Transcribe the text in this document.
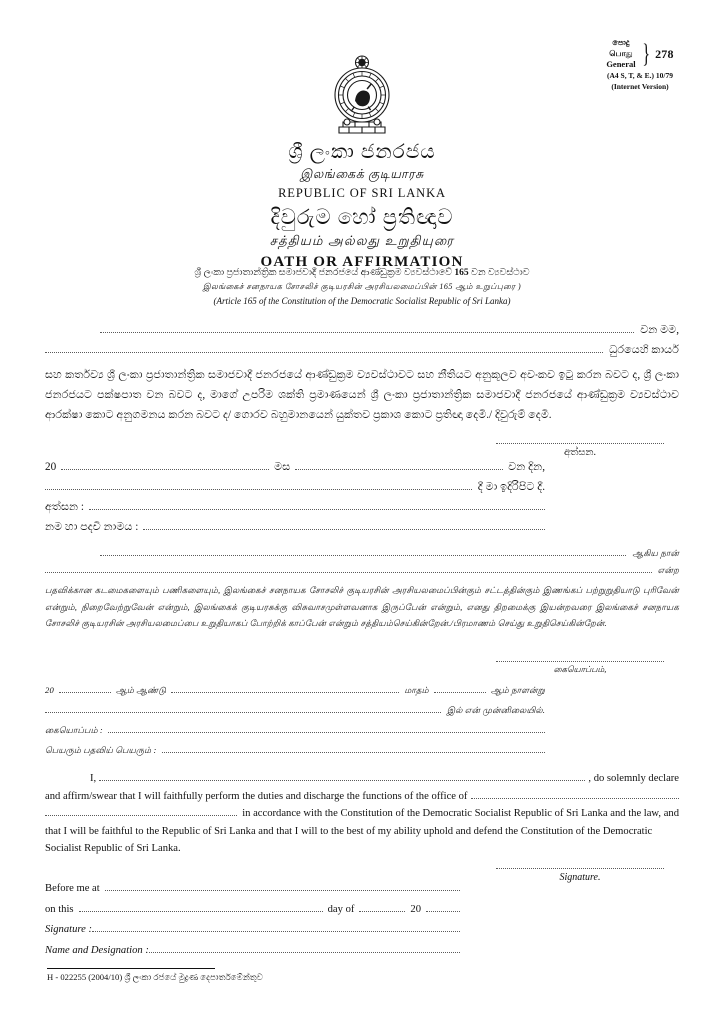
පොදු
பொது
General } 278
(A4 S, T, & E.) 10/79
(Internet Version)
ශ්‍රී ලංකා ජනරජය
இலங்கைக் குடியாரசு
REPUBLIC OF SRI LANKA
දිවුරුම හෝ ප්‍රතිඥාව
சத்தியம் அல்லது உறுதியுரை
OATH OR AFFIRMATION
ශ්‍රී ලංකා ප්‍රජාතාන්ත්‍රික සමාජවාදී ජනරජයේ ආණ්ඩුක්‍රම ව්‍යවස්ථාවේ 165 වන ව්‍යවස්ථාව
இலங்கைச் சனநாயக சோசலிச் குடியரசின் அரசியலமைப்பின் 165 ஆம் உறுப்புரை )
(Article 165 of the Constitution of the Democratic Socialist Republic of Sri Lanka)
වන මම,
ධුරයෙහි කාර්ය
සහ කර්තව්‍ය ශ්‍රී ලංකා ප්‍රජාතාන්ත්‍රික සමාජවාදී ජනරජයේ ආණ්ඩුක්‍රම ව්‍යවස්ථාවට සහ නීතියට අනුකූලව අවංකව ඉටු කරන බවට ද, ශ්‍රී ලංකා ජනරජයට පක්ෂපාත වන බවට ද, මාගේ උපරිම ශක්ති ප්‍රමාණයෙන් ශ්‍රී ලංකා ප්‍රජාතාන්ත්‍රික සමාජවාදී ජනරජයේ ආණ්ඩුක්‍රම ව්‍යවස්ථාව ආරක්ෂා කොට අනුගමනය කරන බවට ද/ ගොරව බහුමානයෙන් යුක්තව ප්‍රකාශ කොට ප්‍රතිඥා දෙමි./ දිවුරුම් දෙමි.
අත්සන.
20	මස	වන දින,
දී මා ඉදිරිපිට දී.
අත්සන :
නම හා පදවි නාමය :
ஆகிய நான்
என்ற
பதவிக்கான கடமைகளையும் பணிகளையும், இலங்கைச் சனநாயக சோசலிச் குடியரசின் அரசியலமைப்பின்கும் சட்டத்தின்கும் இணங்கப் பற்றுறுதியாடு புரிவேன் என்றும், நிறைவேற்றுவேன் என்றும், இலங்கைக் குடியரசுக்கு விசுவாசமுள்ளவனாக இருப்பேன் என்றும், எனது திறமைக்கு இயன்றவரை இலங்கைச் சனநாயக சோசலிச் குடியரசின் அரசியலமைப்பை உறுதியாகப் போற்றிக் காப்பேன் என்றும் சத்தியம்செய்கின்றேன்./பிரமாணம் செய்து உறுதிசெய்கின்றேன்.
கையொப்பம்,
20	ஆம் ஆண்டு	மாதம்	ஆம் நாளன்று
இல் என் முன்னிலையில்.
கையொப்பம் :
பெயரும் பதவிய் பெயரும் :
I,	, do solemnly declare
and affirm/swear that I will faithfully perform the duties and discharge the functions of the office of
in accordance with the Constitution of the Democratic Socialist Republic of Sri Lanka and the law, and
that I will be faithful to the Republic of Sri Lanka and that I will to the best of my ability uphold and defend the Constitution of the Democratic
Socialist Republic of Sri Lanka.
Signature.
Before me at
on this	day of	20
Signature :
Name and Designation :
H - 022255 (2004/10) ශ්‍රී ලංකා රජයේ මුද්‍රණ දෙපාර්තමේන්තුව
